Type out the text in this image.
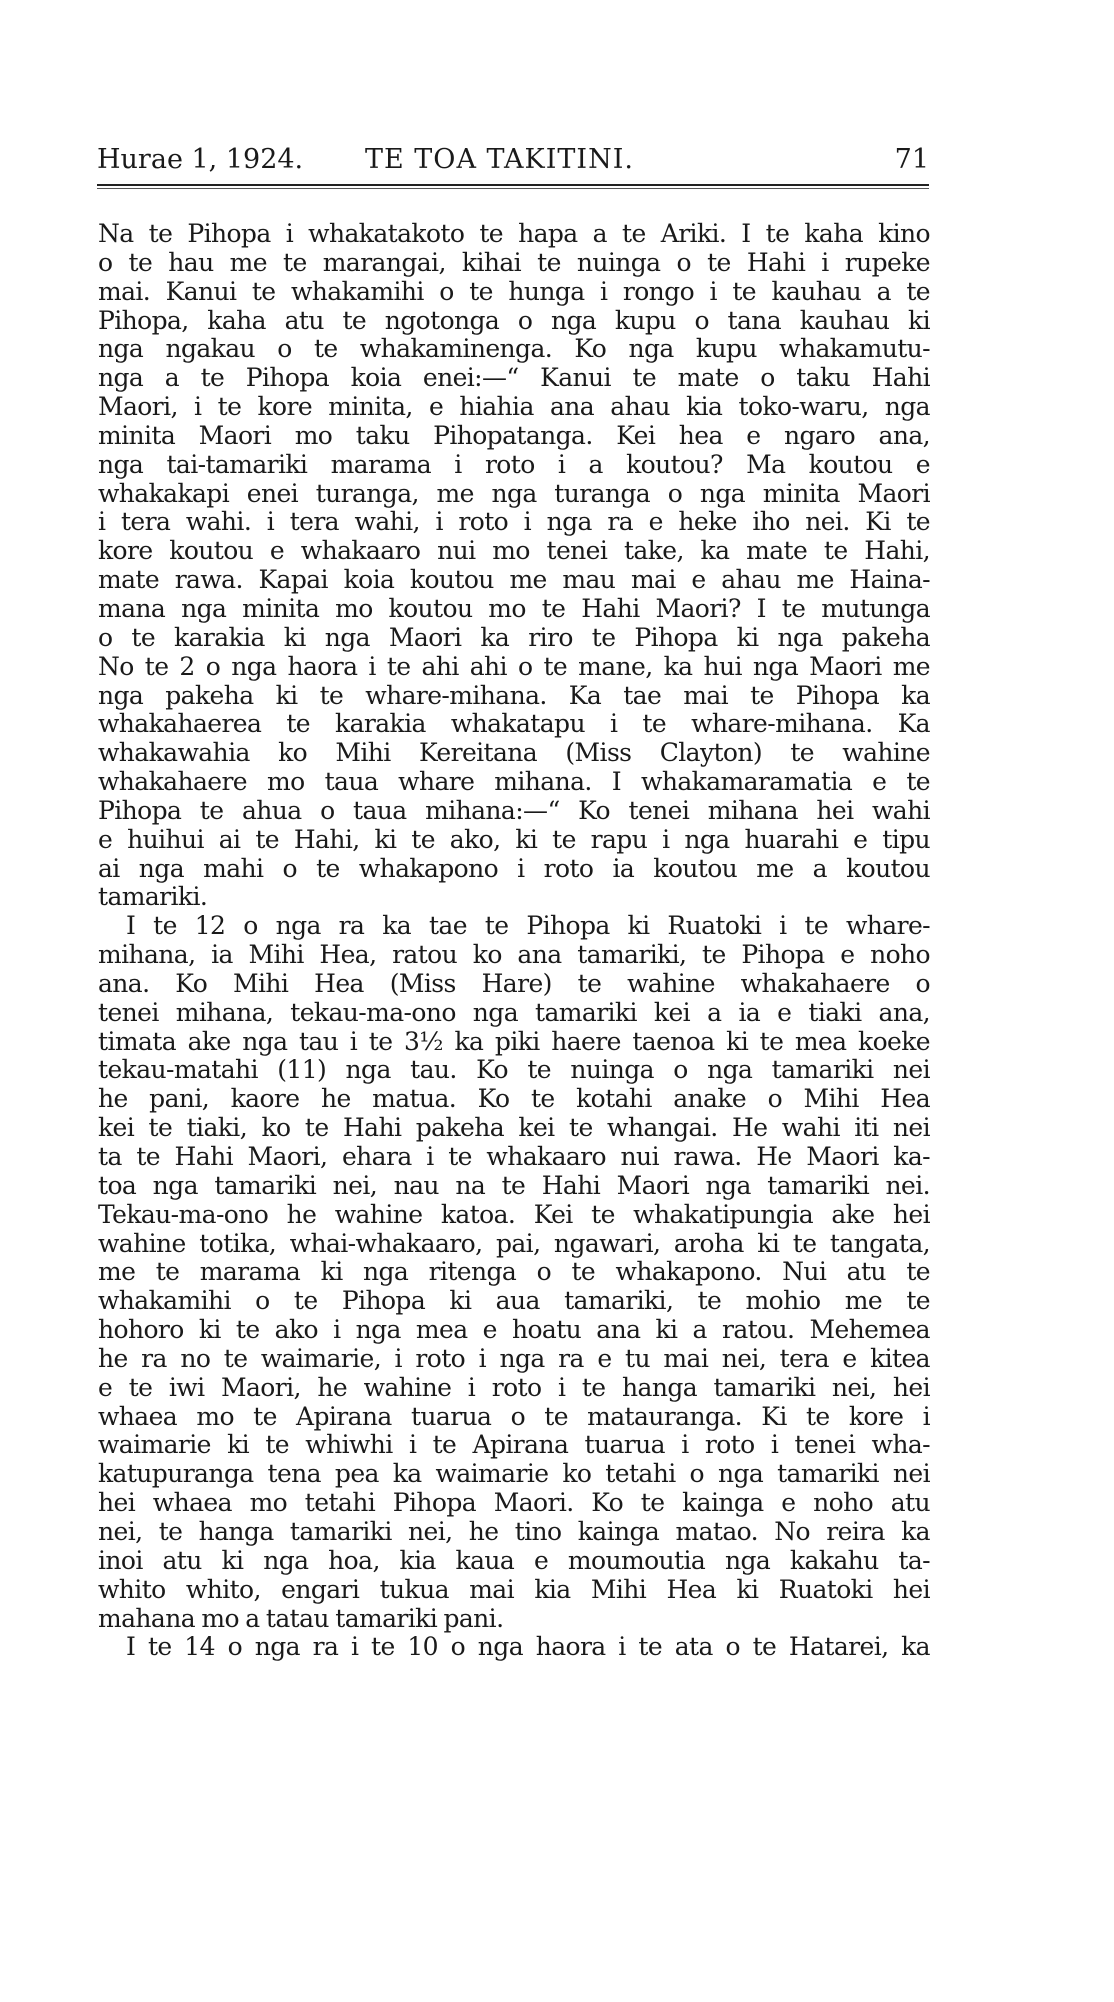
Hurae 1, 1924. TE TOA TAKITINI.	71
Na te Pihopa i whakatakoto te hapa a te Ariki. I te kaha kino
o te hau me te marangai, kihai te nuinga o te Hahi i rupeke
mai. Kanui te whakamihi o te hunga i rongo i te kauhau a te
Pihopa, kaha atu te ngotonga o nga kupu o tana kauhau ki
nga ngakau o te whakaminenga. Ko nga kupu whakamutu-
nga a te Pihopa koia enei:—“ Kanui te mate o taku Hahi
Maori, i te kore minita, e hiahia ana ahau kia toko-waru, nga
minita Maori mo taku Pihopatanga. Kei hea e ngaro ana,
nga tai-tamariki marama i roto i a koutou? Ma koutou e
whakakapi enei turanga, me nga turanga o nga minita Maori
i tera wahi. i tera wahi, i roto i nga ra e heke iho nei. Ki te
kore koutou e whakaaro nui mo tenei take, ka mate te Hahi,
mate rawa. Kapai koia koutou me mau mai e ahau me Haina-
mana nga minita mo koutou mo te Hahi Maori? I te mutunga
o te karakia ki nga Maori ka riro te Pihopa ki nga pakeha
No te 2 o nga haora i te ahi ahi o te mane, ka hui nga Maori me
nga pakeha ki te whare-mihana. Ka tae mai te Pihopa ka
whakahaerea te karakia whakatapu i te whare-mihana. Ka
whakawahia ko Mihi Kereitana (Miss Clayton) te wahine
whakahaere mo taua whare mihana. I whakamaramatia e te
Pihopa te ahua o taua mihana:—“ Ko tenei mihana hei wahi
e huihui ai te Hahi, ki te ako, ki te rapu i nga huarahi e tipu
ai nga mahi o te whakapono i roto ia koutou me a koutou
tamariki.
I te 12 o nga ra ka tae te Pihopa ki Ruatoki i te whare-
mihana, ia Mihi Hea, ratou ko ana tamariki, te Pihopa e noho
ana. Ko Mihi Hea (Miss Hare) te wahine whakahaere o
tenei mihana, tekau-ma-ono nga tamariki kei a ia e tiaki ana,
timata ake nga tau i te 3½ ka piki haere taenoa ki te mea koeke
tekau-matahi (11) nga tau. Ko te nuinga o nga tamariki nei
he pani, kaore he matua. Ko te kotahi anake o Mihi Hea
kei te tiaki, ko te Hahi pakeha kei te whangai. He wahi iti nei
ta te Hahi Maori, ehara i te whakaaro nui rawa. He Maori ka-
toa nga tamariki nei, nau na te Hahi Maori nga tamariki nei.
Tekau-ma-ono he wahine katoa. Kei te whakatipungia ake hei
wahine totika, whai-whakaaro, pai, ngawari, aroha ki te tangata,
me te marama ki nga ritenga o te whakapono. Nui atu te
whakamihi o te Pihopa ki aua tamariki, te mohio me te
hohoro ki te ako i nga mea e hoatu ana ki a ratou. Mehemea
he ra no te waimarie, i roto i nga ra e tu mai nei, tera e kitea
e te iwi Maori, he wahine i roto i te hanga tamariki nei, hei
whaea mo te Apirana tuarua o te matauranga. Ki te kore i
waimarie ki te whiwhi i te Apirana tuarua i roto i tenei wha-
katupuranga tena pea ka waimarie ko tetahi o nga tamariki nei
hei whaea mo tetahi Pihopa Maori. Ko te kainga e noho atu
nei, te hanga tamariki nei, he tino kainga matao. No reira ka
inoi atu ki nga hoa, kia kaua e moumoutia nga kakahu ta-
whito whito, engari tukua mai kia Mihi Hea ki Ruatoki hei
mahana mo a tatau tamariki pani.
I te 14 o nga ra i te 10 o nga haora i te ata o te Hatarei, ka
